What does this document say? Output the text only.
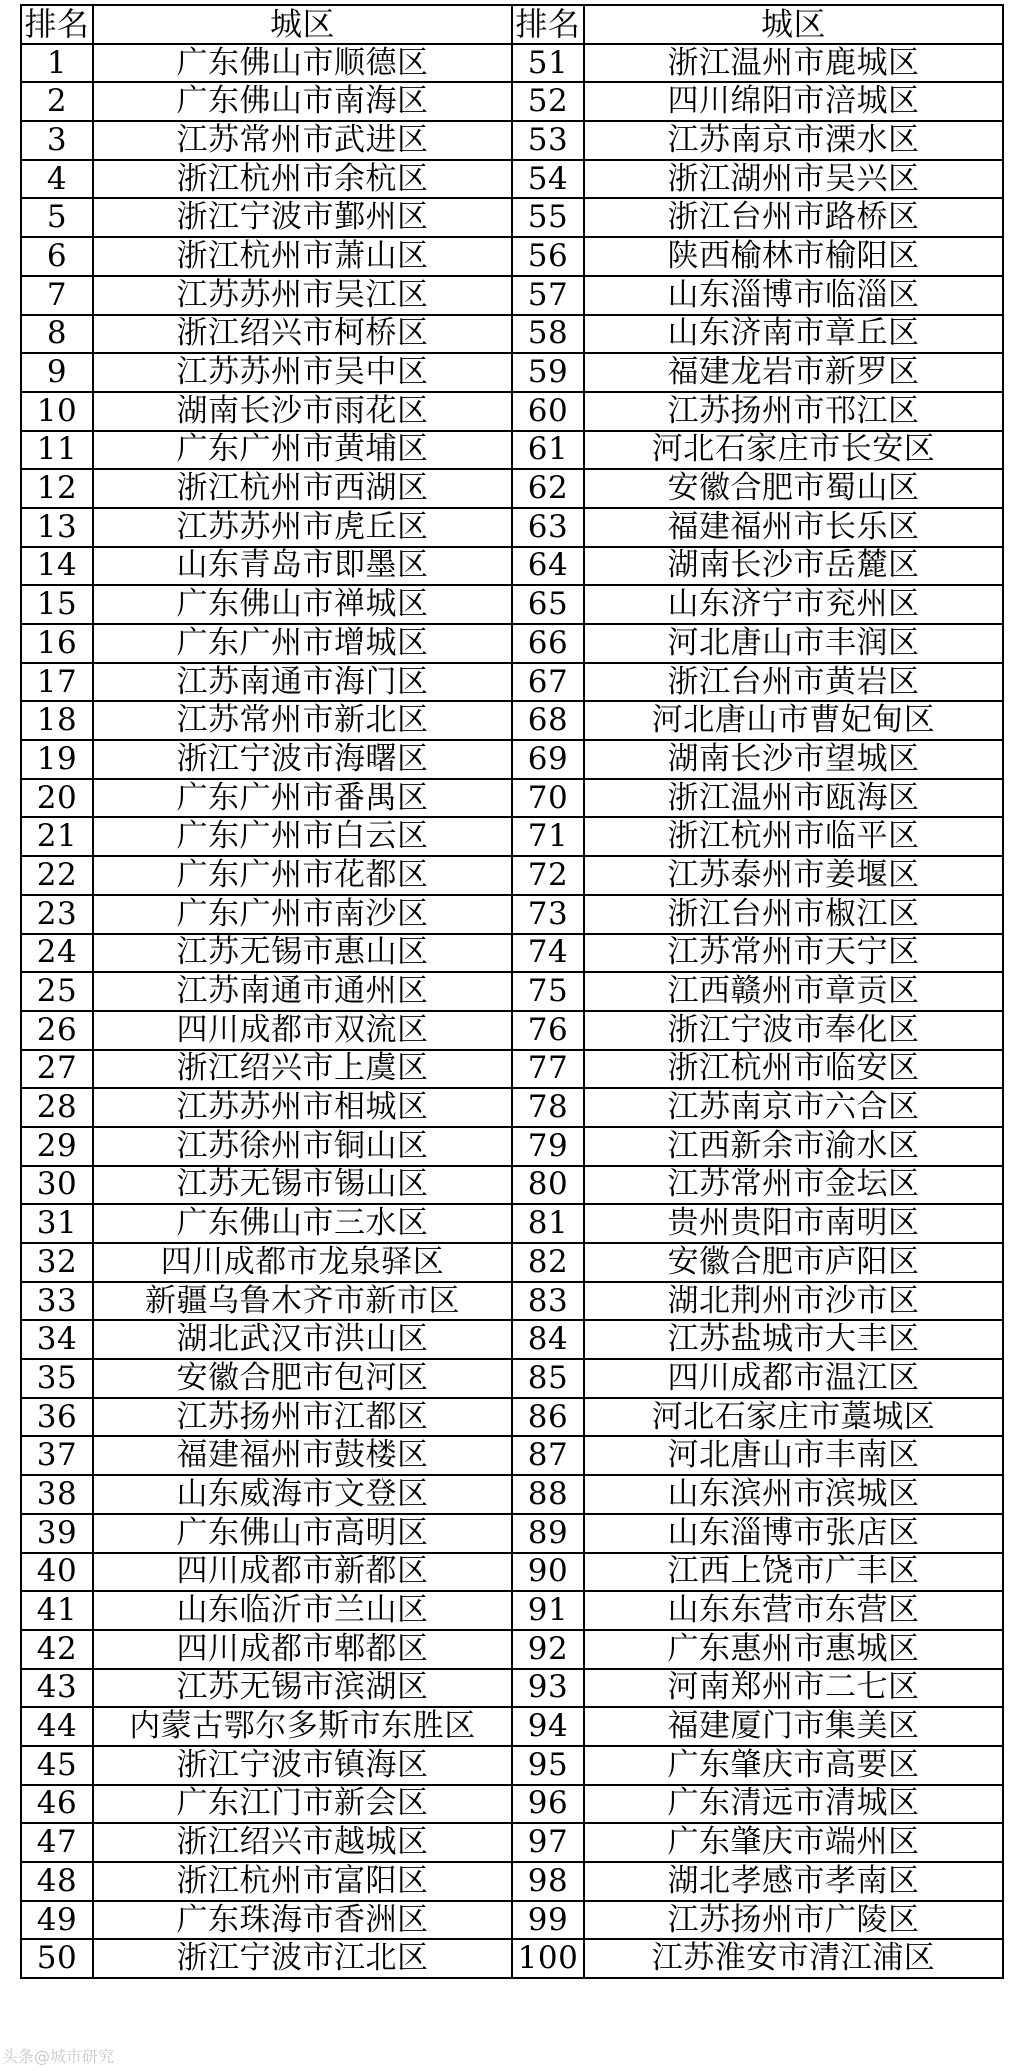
排名	城区	排名	城区
1	广东佛山市顺德区	51	浙江温州市鹿城区
2	广东佛山市南海区	52	四川绵阳市涪城区
3	江苏常州市武进区	53	江苏南京市溧水区
4	浙江杭州市余杭区	54	浙江湖州市吴兴区
5	浙江宁波市鄞州区	55	浙江台州市路桥区
6	浙江杭州市萧山区	56	陕西榆林市榆阳区
7	江苏苏州市吴江区	57	山东淄博市临淄区
8	浙江绍兴市柯桥区	58	山东济南市章丘区
9	江苏苏州市吴中区	59	福建龙岩市新罗区
10	湖南长沙市雨花区	60	江苏扬州市邗江区
11	广东广州市黄埔区	61	河北石家庄市长安区
12	浙江杭州市西湖区	62	安徽合肥市蜀山区
13	江苏苏州市虎丘区	63	福建福州市长乐区
14	山东青岛市即墨区	64	湖南长沙市岳麓区
15	广东佛山市禅城区	65	山东济宁市兖州区
16	广东广州市增城区	66	河北唐山市丰润区
17	江苏南通市海门区	67	浙江台州市黄岩区
18	江苏常州市新北区	68	河北唐山市曹妃甸区
19	浙江宁波市海曙区	69	湖南长沙市望城区
20	广东广州市番禺区	70	浙江温州市瓯海区
21	广东广州市白云区	71	浙江杭州市临平区
22	广东广州市花都区	72	江苏泰州市姜堰区
23	广东广州市南沙区	73	浙江台州市椒江区
24	江苏无锡市惠山区	74	江苏常州市天宁区
25	江苏南通市通州区	75	江西赣州市章贡区
26	四川成都市双流区	76	浙江宁波市奉化区
27	浙江绍兴市上虞区	77	浙江杭州市临安区
28	江苏苏州市相城区	78	江苏南京市六合区
29	江苏徐州市铜山区	79	江西新余市渝水区
30	江苏无锡市锡山区	80	江苏常州市金坛区
31	广东佛山市三水区	81	贵州贵阳市南明区
32	四川成都市龙泉驿区	82	安徽合肥市庐阳区
33	新疆乌鲁木齐市新市区	83	湖北荆州市沙市区
34	湖北武汉市洪山区	84	江苏盐城市大丰区
35	安徽合肥市包河区	85	四川成都市温江区
36	江苏扬州市江都区	86	河北石家庄市藁城区
37	福建福州市鼓楼区	87	河北唐山市丰南区
38	山东威海市文登区	88	山东滨州市滨城区
39	广东佛山市高明区	89	山东淄博市张店区
40	四川成都市新都区	90	江西上饶市广丰区
41	山东临沂市兰山区	91	山东东营市东营区
42	四川成都市郫都区	92	广东惠州市惠城区
43	江苏无锡市滨湖区	93	河南郑州市二七区
44	内蒙古鄂尔多斯市东胜区	94	福建厦门市集美区
45	浙江宁波市镇海区	95	广东肇庆市高要区
46	广东江门市新会区	96	广东清远市清城区
47	浙江绍兴市越城区	97	广东肇庆市端州区
48	浙江杭州市富阳区	98	湖北孝感市孝南区
49	广东珠海市香洲区	99	江苏扬州市广陵区
50	浙江宁波市江北区	100	江苏淮安市清江浦区
头条@城市研究
